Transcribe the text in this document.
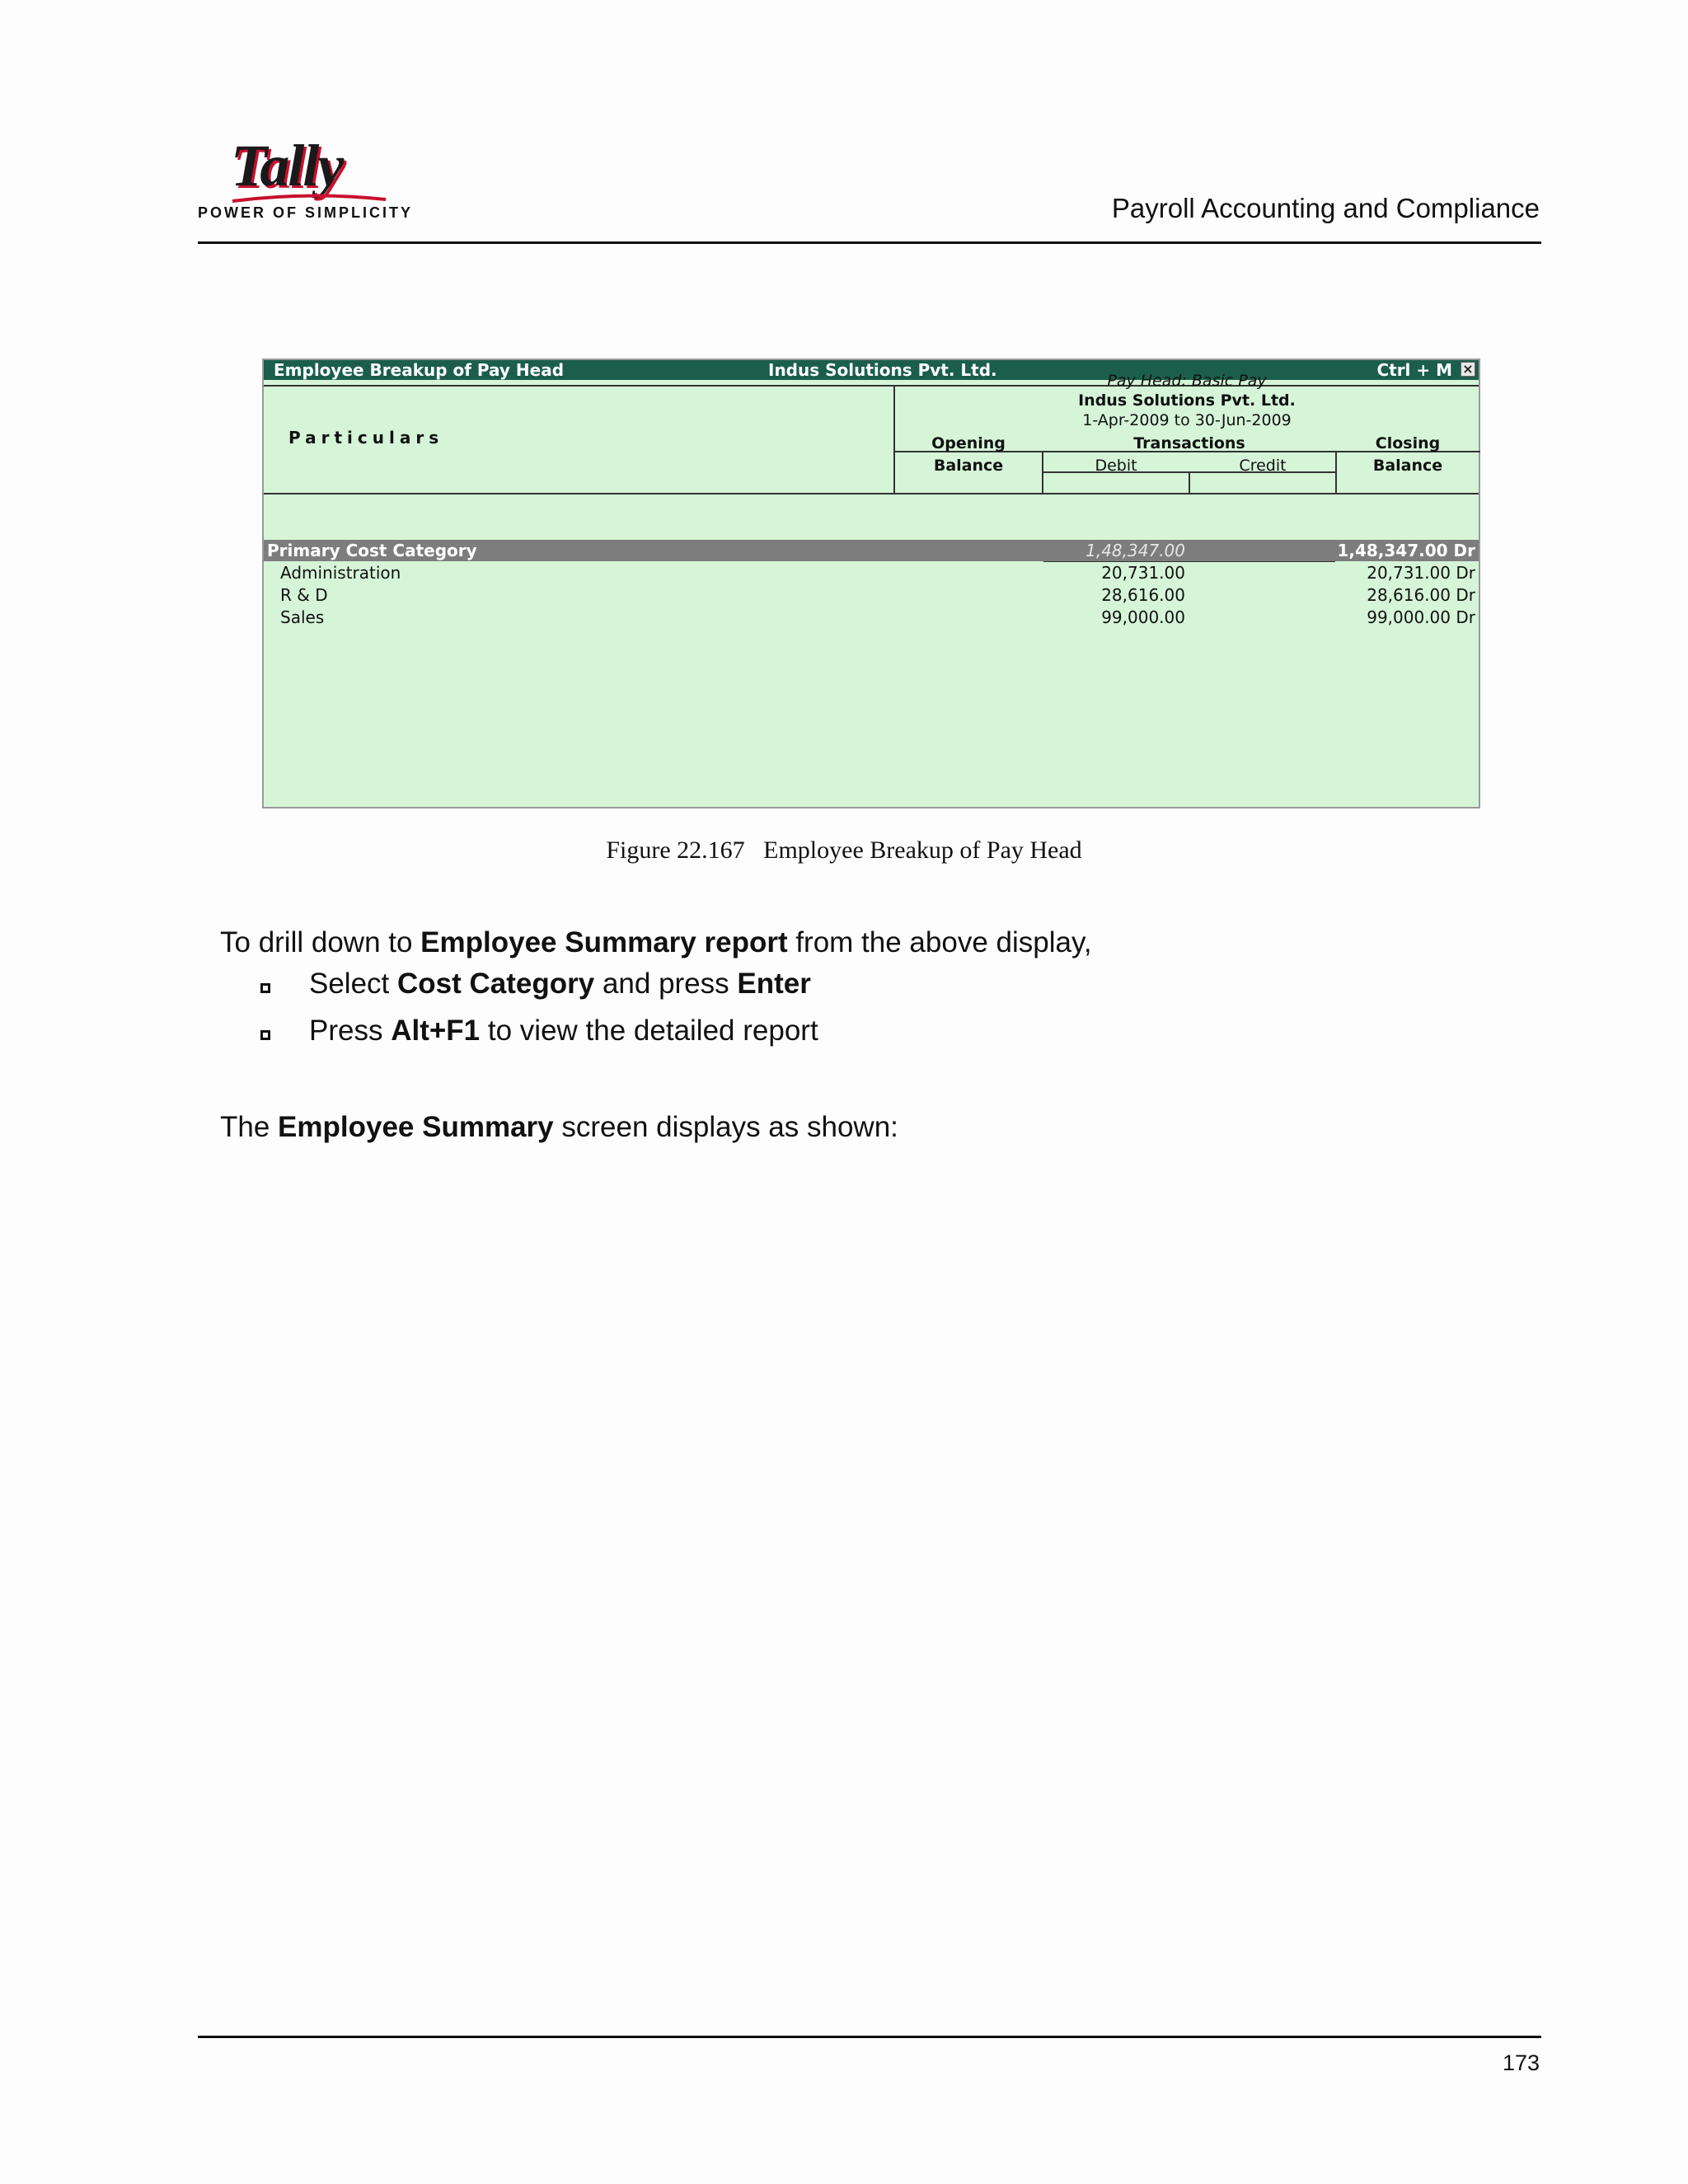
Tally
POWER OF SIMPLICITY	Payroll Accounting and Compliance
Employee Breakup of Pay Head	Indus Solutions Pvt. Ltd.	Ctrl + M ×
Particulars
Pay Head: Basic Pay
Indus Solutions Pvt. Ltd.
1-Apr-2009 to 30-Jun-2009
Opening
Balance
Transactions
Debit	Credit
Closing
Balance
Primary Cost Category	1,48,347.00	1,48,347.00 Dr
Administration	20,731.00	20,731.00 Dr
R & D	28,616.00	28,616.00 Dr
Sales	99,000.00	99,000.00 Dr
Figure 22.167   Employee Breakup of Pay Head
To drill down to Employee Summary report from the above display,
Select Cost Category and press Enter
Press Alt+F1 to view the detailed report
The Employee Summary screen displays as shown:
173
